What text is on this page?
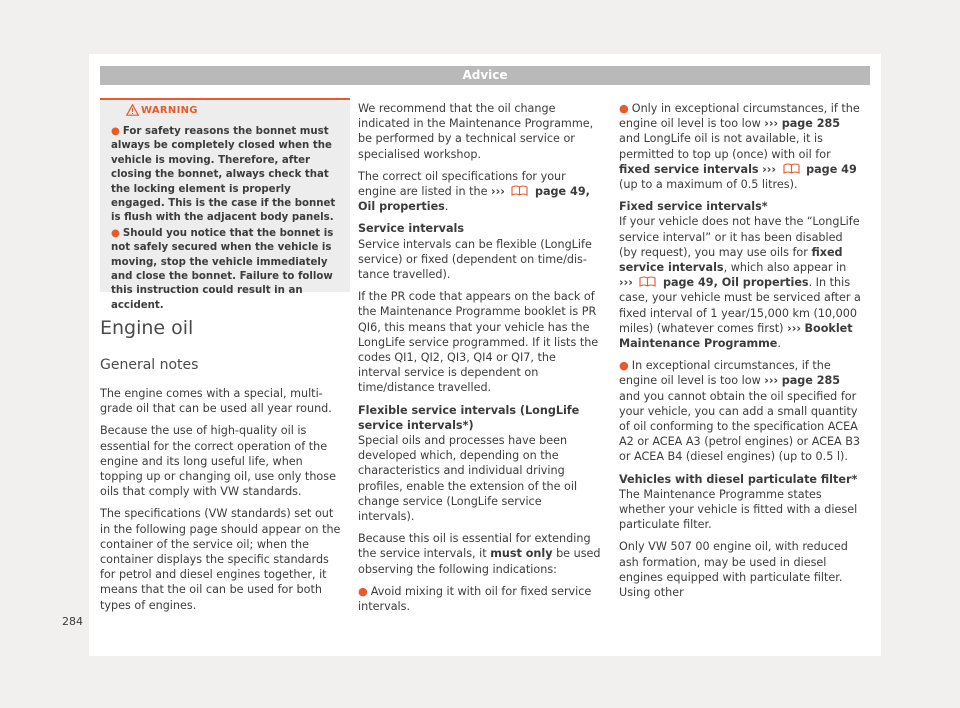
Advice
WARNING
● For safety reasons the bonnet must always be completely closed when the vehicle is moving. Therefore, after closing the bonnet, always check that the locking element is properly engaged. This is the case if the bonnet is flush with the adjacent body panels.
● Should you notice that the bonnet is not safely secured when the vehicle is moving, stop the vehicle immediately and close the bonnet. Failure to follow this instruction could result in an accident.
Engine oil
General notes

The engine comes with a special, multi-grade oil that can be used all year round.

Because the use of high-quality oil is essential for the correct operation of the engine and its long useful life, when topping up or changing oil, use only those oils that comply with VW standards.

The specifications (VW standards) set out in the following page should appear on the container of the service oil; when the container displays the specific standards for petrol and diesel engines together, it means that the oil can be used for both types of engines.

We recommend that the oil change indicated in the Maintenance Programme, be performed by a technical service or specialised workshop.

The correct oil specifications for your engine are listed in the ›››	page 49, Oil properties.

Service intervals

Service intervals can be flexible (LongLife service) or fixed (dependent on time/distance travelled).

If the PR code that appears on the back of the Maintenance Programme booklet is PR QI6, this means that your vehicle has the LongLife service programmed. If it lists the codes QI1, QI2, QI3, QI4 or QI7, the interval service is dependent on time/distance travelled.

Flexible service intervals (LongLife service intervals*)

Special oils and processes have been developed which, depending on the characteristics and individual driving profiles, enable the extension of the oil change service (LongLife service intervals).

Because this oil is essential for extending the service intervals, it must only be used observing the following indications:

● Avoid mixing it with oil for fixed service intervals.

● Only in exceptional circumstances, if the engine oil level is too low ››› page 285 and LongLife oil is not available, it is permitted to top up (once) with oil for fixed service intervals ›››	page 49 (up to a maximum of 0.5 litres).

Fixed service intervals*

If your vehicle does not have the “LongLife service interval” or it has been disabled (by request), you may use oils for fixed service intervals, which also appear in ›››	page 49, Oil properties. In this case, your vehicle must be serviced after a fixed interval of 1 year/15,000 km (10,000 miles) (whatever comes first) ››› Booklet Maintenance Programme.

● In exceptional circumstances, if the engine oil level is too low ››› page 285 and you cannot obtain the oil specified for your vehicle, you can add a small quantity of oil conforming to the specification ACEA A2 or ACEA A3 (petrol engines) or ACEA B3 or ACEA B4 (diesel engines) (up to 0.5 l).

Vehicles with diesel particulate filter*

The Maintenance Programme states whether your vehicle is fitted with a diesel particulate filter.

Only VW 507 00 engine oil, with reduced ash formation, may be used in diesel engines equipped with particulate filter. Using other

284
